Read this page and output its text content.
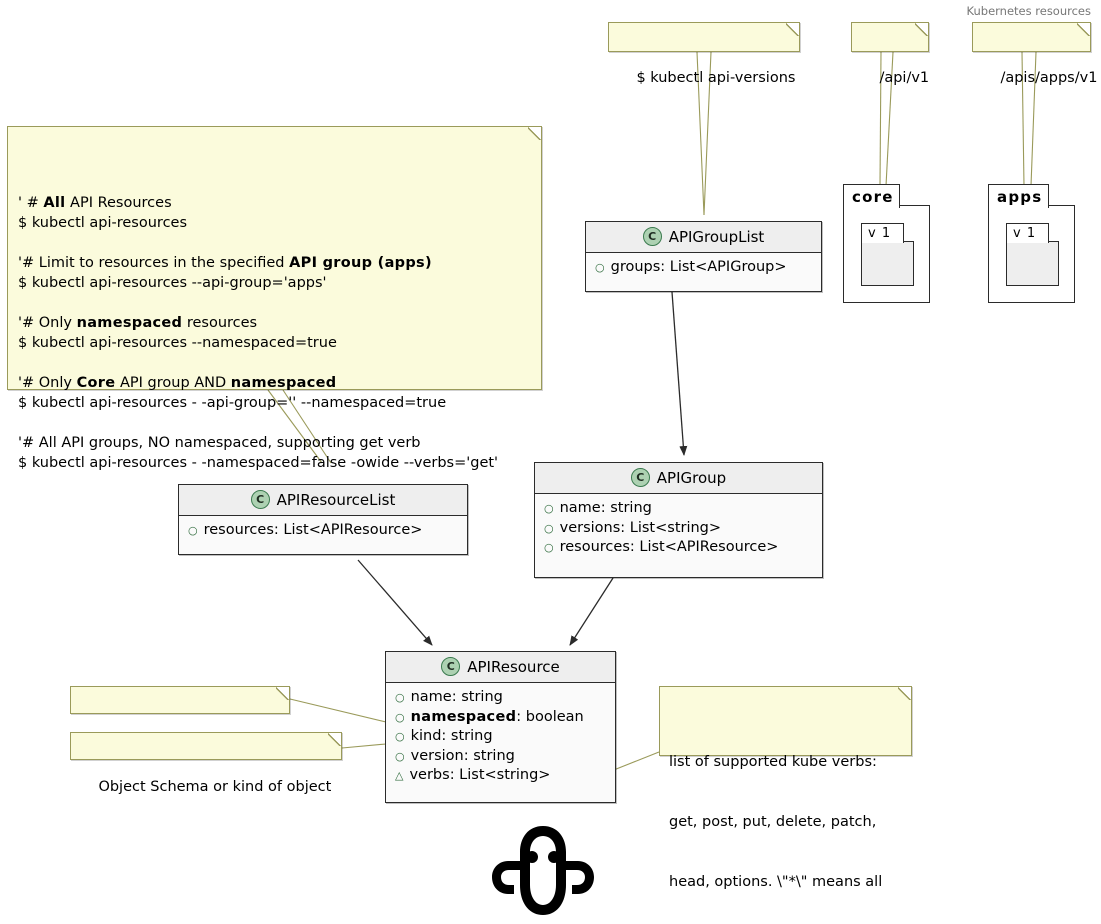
Kubernetes resources

$ kubectl api-versions

	/api/v1

	/apis/apps/v1

' # All API Resources
$ kubectl api-resources

'# Limit to resources in the specified API group (apps)
$ kubectl api-resources --api-group='apps'

'# Only namespaced resources
$ kubectl api-resources --namespaced=true

'# Only Core API group AND namespaced
$ kubectl api-resources - -api-group='' --namespaced=true

'# All API groups, NO namespaced, supporting get verb
$ kubectl api-resources - -namespaced=false -owide --verbs='get'

core
v 1
apps
v 1
C APIGroupList
○ groups: List<APIGroup>
C APIGroup
○ name: string
○ versions: List<string>
○ resources: List<APIResource>
C APIResourceList
○ resources: List<APIResource>
C APIResource
○ name: string
○ namespaced: boolean
○ kind: string
○ version: string
△ verbs: List<string>

Object Schema or kind of object

list of supported kube verbs:

get, post, put, delete, patch,

head, options. \"*\" means all
